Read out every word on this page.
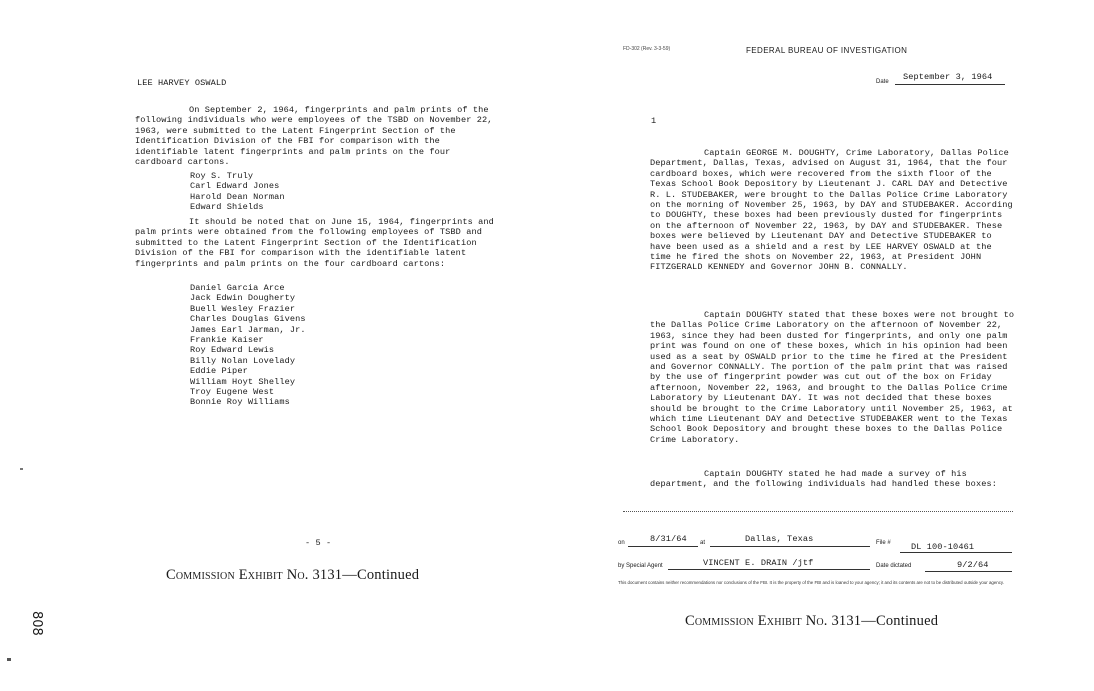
LEE HARVEY OSWALD
On September 2, 1964, fingerprints and palm prints of the following individuals who were employees of the TSBD on November 22, 1963, were submitted to the Latent Fingerprint Section of the Identification Division of the FBI for comparison with the identifiable latent fingerprints and palm prints on the four cardboard cartons.
Roy S. Truly
Carl Edward Jones
Harold Dean Norman
Edward Shields
It should be noted that on June 15, 1964, fingerprints and palm prints were obtained from the following employees of TSBD and submitted to the Latent Fingerprint Section of the Identification Division of the FBI for comparison with the identifiable latent fingerprints and palm prints on the four cardboard cartons:
Daniel Garcia Arce
Jack Edwin Dougherty
Buell Wesley Frazier
Charles Douglas Givens
James Earl Jarman, Jr.
Frankie Kaiser
Roy Edward Lewis
Billy Nolan Lovelady
Eddie Piper
William Hoyt Shelley
Troy Eugene West
Bonnie Roy Williams
- 5 -
Commission Exhibit No. 3131—Continued
808
FD-302 (Rev. 3-3-59)	FEDERAL BUREAU OF INVESTIGATION
Date September 3, 1964
1
Captain GEORGE M. DOUGHTY, Crime Laboratory, Dallas Police Department, Dallas, Texas, advised on August 31, 1964, that the four cardboard boxes, which were recovered from the sixth floor of the Texas School Book Depository by Lieutenant J. CARL DAY and Detective R. L. STUDEBAKER, were brought to the Dallas Police Crime Laboratory on the morning of November 25, 1963, by DAY and STUDEBAKER. According to DOUGHTY, these boxes had been previously dusted for fingerprints on the afternoon of November 22, 1963, by DAY and STUDEBAKER. These boxes were believed by Lieutenant DAY and Detective STUDEBAKER to have been used as a shield and a rest by LEE HARVEY OSWALD at the time he fired the shots on November 22, 1963, at President JOHN FITZGERALD KENNEDY and Governor JOHN B. CONNALLY.
Captain DOUGHTY stated that these boxes were not brought to the Dallas Police Crime Laboratory on the afternoon of November 22, 1963, since they had been dusted for fingerprints, and only one palm print was found on one of these boxes, which in his opinion had been used as a seat by OSWALD prior to the time he fired at the President and Governor CONNALLY. The portion of the palm print that was raised by the use of fingerprint powder was cut out of the box on Friday afternoon, November 22, 1963, and brought to the Dallas Police Crime Laboratory by Lieutenant DAY. It was not decided that these boxes should be brought to the Crime Laboratory until November 25, 1963, at which time Lieutenant DAY and Detective STUDEBAKER went to the Texas School Book Depository and brought these boxes to the Dallas Police Crime Laboratory.
Captain DOUGHTY stated he had made a survey of his department, and the following individuals had handled these boxes:
on	8/31/64 at	Dallas, Texas	File # DL 100-10461
by Special Agent	VINCENT E. DRAIN /jtf	Date dictated	9/2/64
This document contains neither recommendations nor conclusions of the FBI. It is the property of the FBI and is loaned to your agency; it and its contents are not to be distributed outside your agency.
Commission Exhibit No. 3131—Continued
